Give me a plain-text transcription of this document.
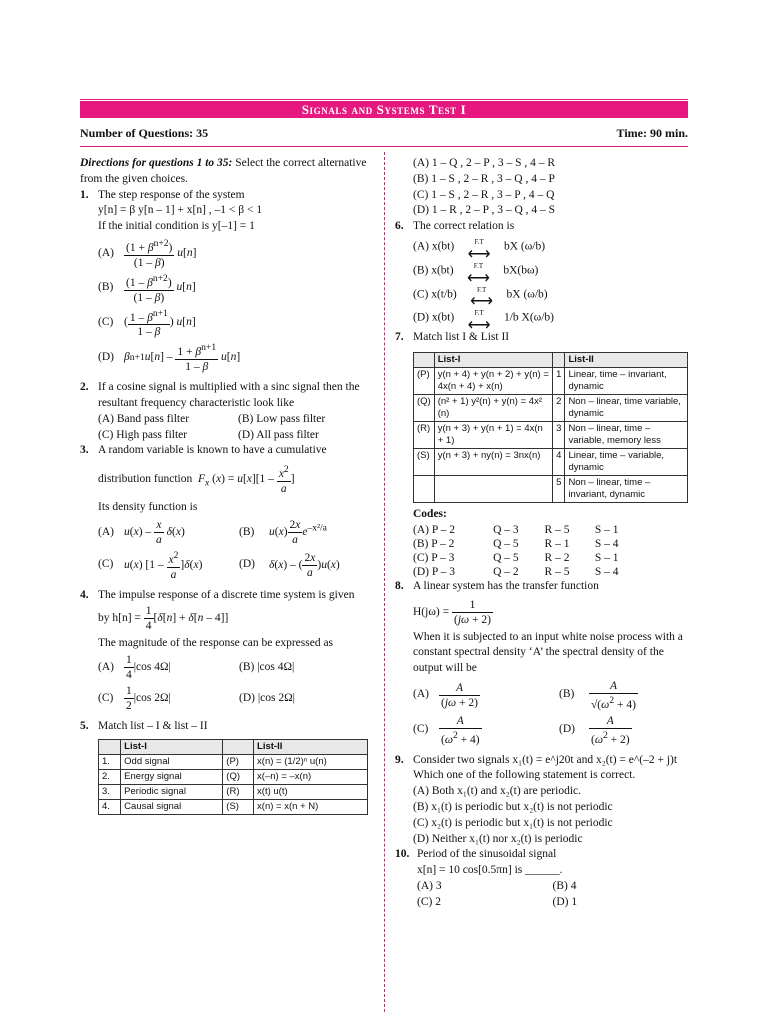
Signals and Systems Test I
Number of Questions: 35	Time: 90 min.

Directions for questions 1 to 35: Select the correct alternative from the given choices.

1. The step response of the system
y[n] = β y[n – 1] + x[n] , –1 < β < 1
If the initial condition is y[–1] = 1
$(A) \frac{(1 + \beta^{n+2})}{(1 - \beta)}$
u [ n ]
$(B) \frac{(1 - \beta^{n+2})}{(1 - \beta)}$
u [ n ]
(C) ( $\frac{1 - \beta^{n+1}}{1 - \beta}$ ) u [ n ]
(D) β n+1 u [ n ] – $\frac{1 + \beta^{n+1}}{1 - \beta}$
u [ n ]
2. If a cosine signal is multiplied with a sinc signal then the resultant frequency characteristic look like
(A) Band pass filter	(B) Low pass filter
(C) High pass filter	(D) All pass filter
3. A random variable is known to have a cumulative
distribution function $F_x$ $(x) = u[x][1 - \frac{x^2}{a}$ ]
Its density function is
(A) $u(x) - \frac{x}{a} \delta(x)$	(B)	$u(x) \frac{2x}{a} e^{-x^2/a}$
(C) u(x) $[1 - \frac{x^2}{a} ]\delta(x)$	(D)	δ(x) – ( $\frac{2x}{a} )u(x)$
4. The impulse response of a discrete time system is given
by $h[n] = \frac{1}{4} [\delta[n] + \delta[n - 4]]$
The magnitude of the response can be expressed as
$(A) \frac{1}{4} |\cos$ 4Ω|	(B) |cos 4Ω|
$(C) \frac{1}{2} |\cos$ 2Ω|	(D) |cos 2Ω|
5. Match list – I & list – II
	List-I		List-II
1.	Odd signal	(P)	x(n) = (1/2)ⁿ u(n)
2.	Energy signal	(Q)	x(–n) = –x(n)
3.	Periodic signal	(R)	x(t) u(t)
4.	Causal signal	(S)	x(n) = x(n + N)
(A) 1 – Q , 2 – P , 3 – S , 4 – R
(B) 1 – S , 2 – R , 3 – Q , 4 – P
(C) 1 – S , 2 – R , 3 – P , 4 – Q
(D) 1 – R , 2 – P , 3 – Q , 4 – S
6. The correct relation is
(A) x(bt)	F.T ⟷ bX (ω/b)
(B) x(bt)	F.T ⟷ bX(bω)
(C) x(t/b)	F.T ⟷ bX (ω/b)
(D) x(bt)	F.T ⟷ 1/b X(ω/b)
7. Match list I & List II
	List-I		List-II
(P)	y(n + 4) + y(n + 2) + y(n) = 4x(n + 4) + x(n)	1	Linear, time – invariant, dynamic
(Q)	(n² + 1) y²(n) + y(n) = 4x² (n)	2	Non – linear, time variable, dynamic
(R)	y(n + 3) + y(n + 1) = 4x(n + 1)	3	Non – linear, time – variable, memory less
(S)	y(n + 3) + ny(n) = 3nx(n)	4	Linear, time – variable, dynamic
		5	Non – linear, time – invariant, dynamic
Codes:
(A) P – 2	Q – 3	R – 5	S – 1
(B) P – 2	Q – 5	R – 1	S – 4
(C) P – 3	Q – 5	R – 2	S – 1
(D) P – 3	Q – 2	R – 5	S – 4
8. A linear system has the transfer function
$H(j\omega) = \frac{1}{(j\omega + 2)}$
When it is subjected to an input white noise process with a constant spectral density ‘A’ the spectral density of the output will be
$(A) \frac{A}{(j\omega + 2)}$	(B)	$\frac{A}{√(\omega^2 + 4)}$
$(C) \frac{A}{(\omega^2 + 4)}$	(D)	$\frac{A}{(\omega^2 + 2)}$
9. Consider two signals x₁(t) = e^j20t and x₂(t) = e^(–2 + j)t
Which one of the following statement is correct.
(A) Both x₁(t) and x₂(t) are periodic.
(B) x₁(t) is periodic but x₂(t) is not periodic
(C) x₂(t) is periodic but x₁(t) is not periodic
(D) Neither x₁(t) nor x₂(t) is periodic
10. Period of the sinusoidal signal
x[n] = 10 cos[0.5πn] is ______.
(A) 3	(B) 4
(C) 2	(D) 1
